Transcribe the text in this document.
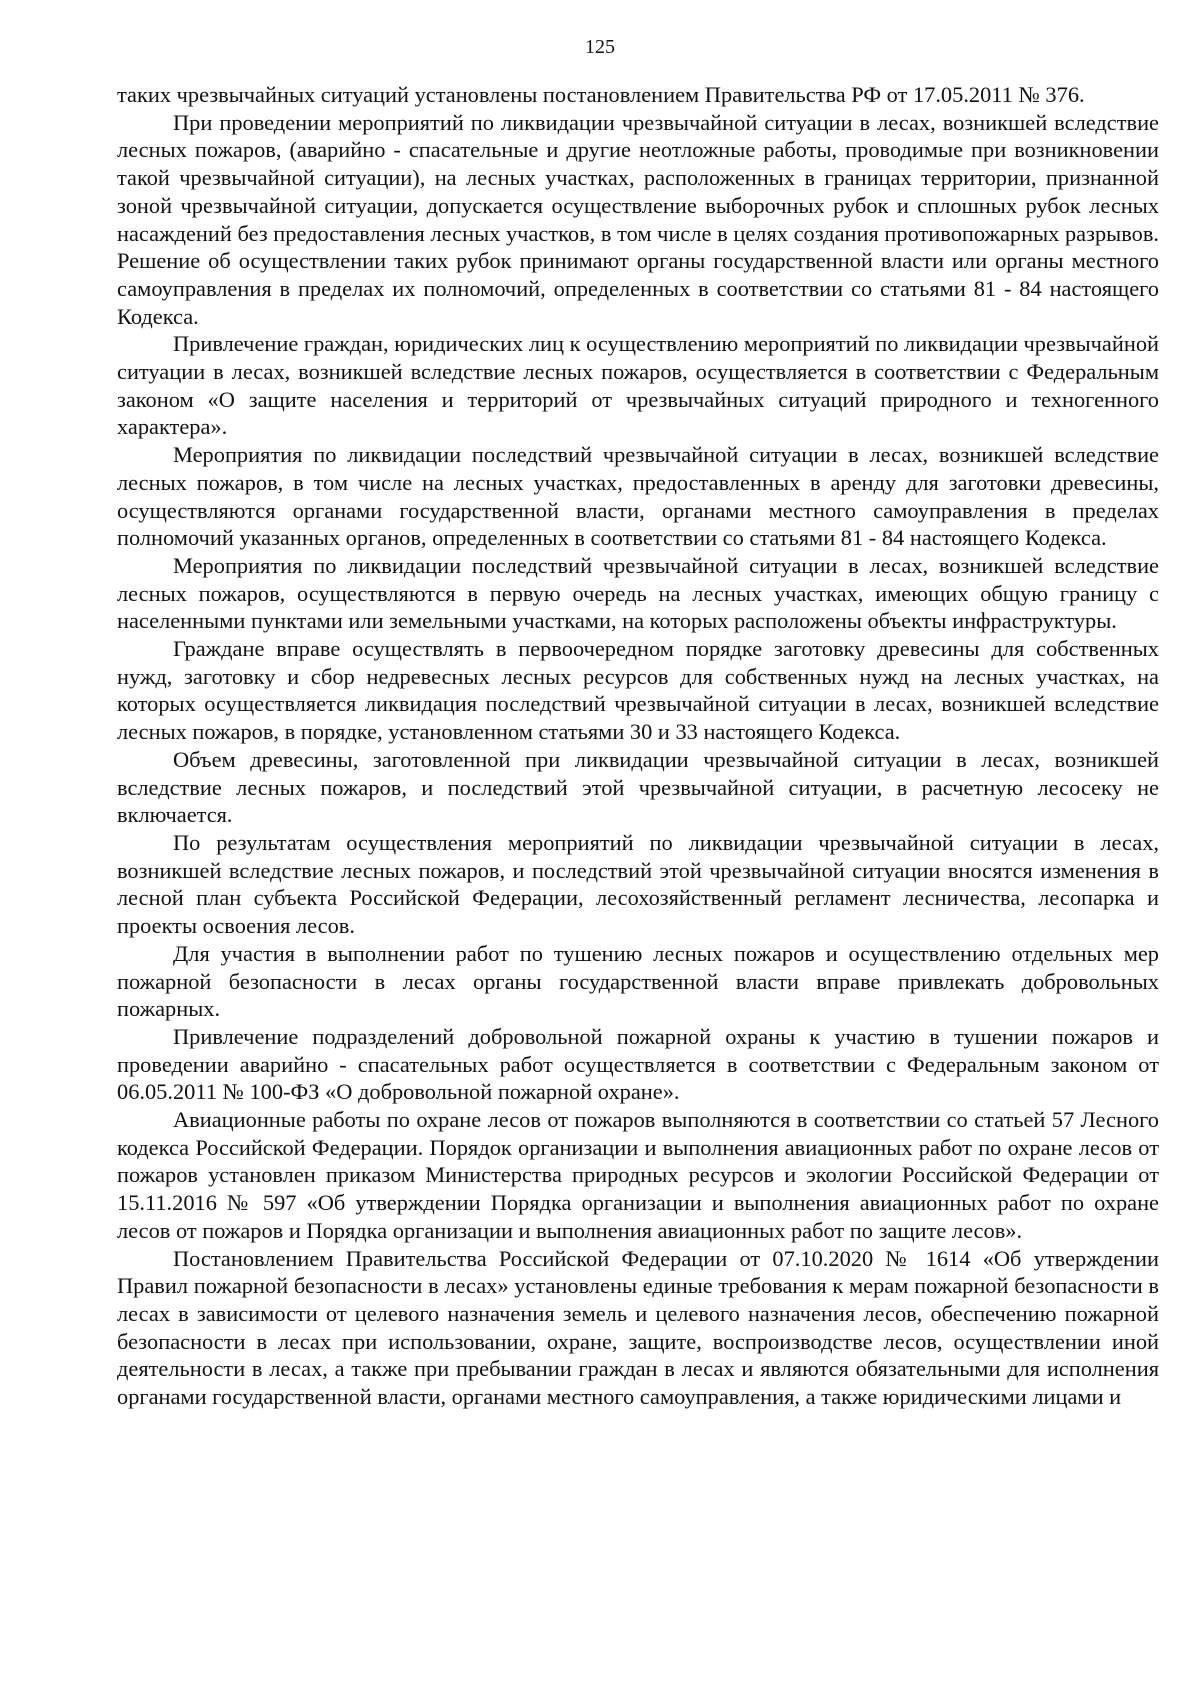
125

таких чрезвычайных ситуаций установлены постановлением Правительства РФ от 17.05.2011 № 376.

При проведении мероприятий по ликвидации чрезвычайной ситуации в лесах, возникшей вследствие лесных пожаров, (аварийно - спасательные и другие неотложные работы, проводимые при возникновении такой чрезвычайной ситуации), на лесных участках, расположенных в границах территории, признанной зоной чрезвычайной ситуации, допускается осуществление выборочных рубок и сплошных рубок лесных насаждений без предоставления лесных участков, в том числе в целях создания противопожарных разрывов. Решение об осуществлении таких рубок принимают органы государственной власти или органы местного самоуправления в пределах их полномочий, определенных в соответствии со статьями 81 - 84 настоящего Кодекса.

Привлечение граждан, юридических лиц к осуществлению мероприятий по ликвидации чрезвычайной ситуации в лесах, возникшей вследствие лесных пожаров, осуществляется в соответствии с Федеральным законом «О защите населения и территорий от чрезвычайных ситуаций природного и техногенного характера».

Мероприятия по ликвидации последствий чрезвычайной ситуации в лесах, возникшей вследствие лесных пожаров, в том числе на лесных участках, предоставленных в аренду для заготовки древесины, осуществляются органами государственной власти, органами местного самоуправления в пределах полномочий указанных органов, определенных в соответствии со статьями 81 - 84 настоящего Кодекса.

Мероприятия по ликвидации последствий чрезвычайной ситуации в лесах, возникшей вследствие лесных пожаров, осуществляются в первую очередь на лесных участках, имеющих общую границу с населенными пунктами или земельными участками, на которых расположены объекты инфраструктуры.

Граждане вправе осуществлять в первоочередном порядке заготовку древесины для собственных нужд, заготовку и сбор недревесных лесных ресурсов для собственных нужд на лесных участках, на которых осуществляется ликвидация последствий чрезвычайной ситуации в лесах, возникшей вследствие лесных пожаров, в порядке, установленном статьями 30 и 33 настоящего Кодекса.

Объем древесины, заготовленной при ликвидации чрезвычайной ситуации в лесах, возникшей вследствие лесных пожаров, и последствий этой чрезвычайной ситуации, в расчетную лесосеку не включается.

По результатам осуществления мероприятий по ликвидации чрезвычайной ситуации в лесах, возникшей вследствие лесных пожаров, и последствий этой чрезвычайной ситуации вносятся изменения в лесной план субъекта Российской Федерации, лесохозяйственный регламент лесничества, лесопарка и проекты освоения лесов.

Для участия в выполнении работ по тушению лесных пожаров и осуществлению отдельных мер пожарной безопасности в лесах органы государственной власти вправе привлекать добровольных пожарных.

Привлечение подразделений добровольной пожарной охраны к участию в тушении пожаров и проведении аварийно - спасательных работ осуществляется в соответствии с Федеральным законом от 06.05.2011 № 100-ФЗ «О добровольной пожарной охране».

Авиационные работы по охране лесов от пожаров выполняются в соответствии со статьей 57 Лесного кодекса Российской Федерации. Порядок организации и выполнения авиационных работ по охране лесов от пожаров установлен приказом Министерства природных ресурсов и экологии Российской Федерации от 15.11.2016 № 597 «Об утверждении Порядка организации и выполнения авиационных работ по охране лесов от пожаров и Порядка организации и выполнения авиационных работ по защите лесов».

Постановлением Правительства Российской Федерации от 07.10.2020 № 1614 «Об утверждении Правил пожарной безопасности в лесах» установлены единые требования к мерам пожарной безопасности в лесах в зависимости от целевого назначения земель и целевого назначения лесов, обеспечению пожарной безопасности в лесах при использовании, охране, защите, воспроизводстве лесов, осуществлении иной деятельности в лесах, а также при пребывании граждан в лесах и являются обязательными для исполнения органами государственной власти, органами местного самоуправления, а также юридическими лицами и
